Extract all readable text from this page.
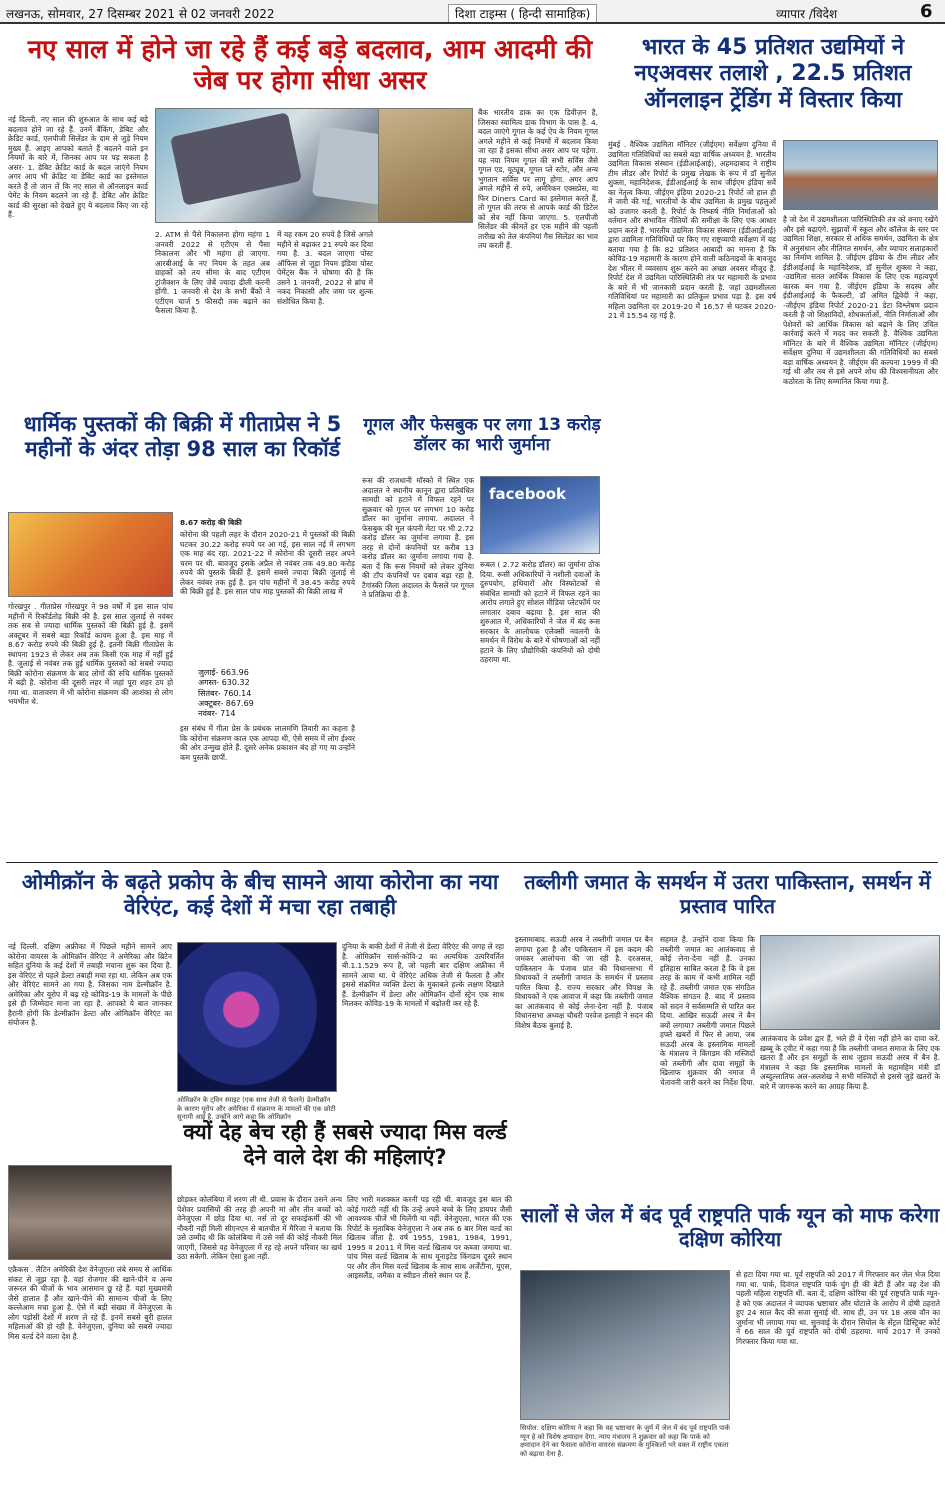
लखनऊ, सोमवार, 27 दिसम्बर 2021 से 02 जनवरी 2022	दिशा टाइम्स ( हिन्दी सामाहिक)	व्यापार /विदेश	6
नए साल में होने जा रहे हैं कई बड़े बदलाव, आम आदमी की जेब पर होगा सीधा असर
नई दिल्ली. नए साल की शुरुआत के साथ कई बड़े बदलाव होने जा रहे हैं. उनमें बैंकिंग, डेबिट और क्रेडिट कार्ड, एलपीजी सिलेंडर के दाम से जुड़े नियम मुख्य हैं. आइए आपको बताते हैं बदलने वाले इन नियमों के बारे में, जिनका आप पर पड़ सकता है असर- 1. डेबिट क्रेडिट कार्ड के बदल जाएंगे नियम अगर आप भी क्रेडिट या डेबिट कार्ड का इस्तेमाल करते हैं तो जान लें कि नए साल से ऑनलाइन कार्ड पेमेंट के नियम बदलने जा रहे हैं. डेबिट और क्रेडिट कार्ड की सुरक्षा को देखते हुए ये बदलाव किए जा रहे हैं.
2. ATM से पैसे निकालना होगा महंगा 1 जनवरी 2022 से एटीएम से पैसा निकालना और भी महंगा हो जाएगा. आरबीआई के नए नियम के तहत अब ग्राहकों को तय सीमा के बाद एटीएम ट्रांजैक्शन के लिए जेबें ज्यादा ढीली करनी होंगी. 1 जनवरी से देश के सभी बैंकों ने एटीएम चार्ज 5 फीसदी तक बढ़ाने का फैसला किया है.
में यह रकम 20 रुपये है जिसे अगले महीने से बढ़ाकर 21 रुपये कर दिया गया है. 3. बदल जाएगा पोस्ट ऑफिस से जुड़ा नियम इंडिया पोस्ट पेमेंट्स बैंक ने घोषणा की है कि उसने 1 जनवरी, 2022 से ब्रांच में नकद निकासी और जमा पर शुल्क संशोधित किया है.
बैंक भारतीय डाक का एक डिवीज़न है, जिसका स्वामित्व डाक विभाग के पास है. 4. बदल जाएंगे गूगल के कई ऐप के नियम गूगल अगले महीने से कई नियमों में बदलाव किया जा रहा है इसका सीधा असर आप पर पड़ेगा. यह नया नियम गूगल की सभी सर्विस जैसे गूगल एड, यूट्यूब, गूगल प्ले स्टोर, और अन्य भुगतान सर्विस पर लागू होगा. अगर आप अगले महीने से रुपे, अमेरिकन एक्सप्रेस, या फिर Diners Card का इस्तेमाल करते हैं, तो गूगल की तरफ से आपके कार्ड की डिटेल को सेव नहीं किया जाएगा. 5. एलपीजी सिलेंडर की कीमतें हर एक महीने की पहली तारीख को तेल कंपनियां गैस सिलेंडर का भाव तय करती हैं.
भारत के 45 प्रतिशत उद्यमियों ने नएअवसर तलाशे , 22.5 प्रतिशत ऑनलाइन ट्रेंडिंग में विस्तार किया
मुंबई . वैश्विक उद्यमिता मॉनिटर (जीईएम) सर्वेक्षण दुनिया में उद्यमिता गतिविधियों का सबसे बड़ा वार्षिक अध्ययन है. भारतीय उद्यमिता विकास संस्थान (ईडीआईआई), अहमदाबाद ने राष्ट्रीय टीम लीडर और रिपोर्ट के प्रमुख लेखक के रूप में डॉ सुनील शुक्ला, महानिदेशक, ईडीआईआई के साथ जीईएम इंडिया सर्वे का नेतृत्व किया. जीईएम इंडिया 2020-21 रिपोर्ट जो हाल ही में जारी की गई, भारतीयों के बीच उद्यमिता के प्रमुख पहलुओं को उजागर करती है. रिपोर्ट के निष्कर्ष नीति निर्माताओं को वर्तमान और संभावित नीतियों की समीक्षा के लिए एक आधार प्रदान करते हैं. भारतीय उद्यमिता विकास संस्थान (ईडीआईआई) द्वारा उद्यमिता गतिविधियों पर किए गए राष्ट्रव्यापी सर्वेक्षण में यह बताया गया है कि 82 प्रतिशत आबादी का मानना है कि कोविड-19 महामारी के कारण होने वाली कठिनाइयों के बावजूद देश भीतर में व्यवसाय शुरू करने का अच्छा अवसर मौजूद है. रिपोर्ट देश में उद्यमिता पारिस्थितिकी तंत्र पर महामारी के प्रभाव के बारे में भी जानकारी प्रदान करती है. जहां उद्यमशीलता गतिविधियां पर महामारी का प्रतिकूल प्रभाव पड़ा है. इस वर्ष महिला उद्यमिता दर 2019-20 में 16.57 से घटकर 2020-21 में 15.54 रह गई है.
है जो देश में उद्यमशीलता पारिस्थितिकी तंत्र को बनाए रखेंगे और इसे बढ़ाएंगे. सुझावों में स्कूल और कॉलेज के स्तर पर उद्यमिता शिक्षा, सरकार से अधिक समर्थन, उद्यमिता के क्षेत्र में अनुसंधान और नीतिगत समर्थन, और व्यापार सलाहकारों का निर्माण शामिल है. जीईएम इंडिया के टीम लीडर और ईडीआईआई के महानिदेशक, डॉ सुनील शुक्ला ने कहा, -उद्यमिता सतत आर्थिक विकास के लिए एक महत्वपूर्ण कारक बन गया है. जीईएम इंडिया के सदस्य और ईडीआईआई के फैकल्टी, डॉ अमित द्विवेदी ने कहा, -जीईएम इंडिया रिपोर्ट 2020-21 डेटा विश्लेषण प्रदान करती है जो शिक्षाविदों, शोधकर्ताओं, नीति निर्माताओं और पेशेवरों को आर्थिक विकास को बढ़ाने के लिए उचित कार्रवाई करने में मदद कर सकती है. वैश्विक उद्यमिता मॉनिटर के बारे में वैश्विक उद्यमिता मॉनिटर (जीईएम) सर्वेक्षण दुनिया में उद्यमशीलता की गतिविधियों का सबसे बड़ा वार्षिक अध्ययन है. जीईएम की कल्पना 1999 में की गई थी और तब से इसे अपने शोध की विश्वसनीयता और कठोरता के लिए सम्मानित किया गया है.
धार्मिक पुस्तकों की बिक्री में गीताप्रेस ने 5 महीनों के अंदर तोड़ा 98 साल का रिकॉर्ड
8.67 करोड़ की बिक्री
गोरखपुर . गीताप्रेस गोरखपुर ने 98 वर्षों में इस साल पांच महीनों में रिकॉर्डतोड़ बिक्री की है. इस साल जुलाई से नवंबर तक सब से ज्यादा धार्मिक पुस्तकों की बिक्री हुई है. इसमें अक्टूबर में सबसे बड़ा रिकॉर्ड कायम हुआ है. इस माह में 8.67 करोड़ रुपये की बिक्री हुई है. इतनी बिक्री गीताप्रेस के स्थापना 1923 से लेकर अब तक किसी एक माह में नहीं हुई है. जुलाई से नवंबर तक हुई धार्मिक पुस्तकों को सबसे ज्यादा बिक्री कोरोना संक्रमण के बाद लोगों की रुचि धार्मिक पुस्तकों में बढ़ी है. कोरोना की दूसरी लहर में जहां पूरा शहर ठप हो गया था. वातावरण में भी कोरोना संक्रमण की आशंका से लोग भयभीत थे.
कोरोना की पहली लहर के दौरान 2020-21 में पुस्तकों की बिक्री घटकर 30.22 करोड़ रुपये पर आ गई, इस साल नई में लगभग एक माह बंद रहा. 2021-22 में कोरोना की दूसरी लहर अपने चरम पर थी. बावजूद इसके अप्रैल से नवंबर तक 49.80 करोड़ रुपये की पुस्तकें बिकीं हैं. इसमें सबसे ज्यादा बिक्री जुलाई से लेकर नवंबर तक हुई है. इन पांच महीनों में 38.45 करोड़ रुपये की बिक्री हुई है. इस साल पांच माह पुस्तकों की बिक्री लाख में
जुलाई- 663.96
अगस्त- 630.32
सितंबर- 760.14
अक्टूबर- 867.69
नवंबर- 714
इस संबंध में गीता प्रेस के प्रबंधक लालमणि तिवारी का कहना है कि कोरोना संक्रमण काल एक आपदा थी, ऐसे समय में लोग ईश्वर की ओर उन्मुख होते हैं. दूसरे अनेक प्रकाशन बंद हो गए या उन्होंने कम पुस्तकें छापीं.
गूगल और फेसबुक पर लगा 13 करोड़ डॉलर का भारी जुर्माना
रूस की राजधानी मॉस्को में स्थित एक अदालत ने स्थानीय कानून द्वारा प्रतिबंधित सामग्री को हटाने में विफल रहने पर सुक्रवार को गूगल पर लगभग 10 करोड़ डॉलर का जुर्माना लगाया. अदालत ने फेसबुक की मूल कंपनी मेटा पर भी 2.72 करोड़ डॉलर का जुर्माना लगाया है. इस तरह से दोनों कंपनियों पर करीब 13 करोड़ डॉलर का जुर्माना लगाया गया है. बता दें कि रूस नियमों को लेकर दुनिया की टॉप कंपनियों पर दबाव बढ़ा रहा है. टैगांस्की जिला अदालत के फैसले पर गूगल ने प्रतिक्रिया दी है.
facebook
रूबल ( 2.72 करोड़ डॉलर) का जुर्माना ठोक दिया. रूसी अधिकारियों ने नशीली दवाओं के दुरुपयोग, हथियारों और विस्फोटकों से संबंधित सामग्री को हटाने में विफल रहने का आरोप लगाते हुए सोशल मीडिया प्लेटफॉर्म पर लगातार दबाव बढ़ाया है. इस साल की शुरुआत में, अधिकारियों ने जेल में बंद रूस सरकार के आलोचक एलेक्सी नवलनी के समर्थन में विरोध के बारे में घोषणाओं को नहीं हटाने के लिए प्रौद्योगिकी कंपनियों को दोषी ठहराया था.
ओमीक्रॉन के बढ़ते प्रकोप के बीच सामने आया कोरोना का नया वेरिएंट, कई देशों में मचा रहा तबाही
नई दिल्ली. दक्षिण अफ्रीका में पिछले महीने सामने आए कोरोना वायरस के ओमिक्रॉन वेरिएंट ने अमेरिका और ब्रिटेन सहित दुनिया के कई देशों में तबाही मचाना शुरू कर दिया है. इस वेरिएंट से पहले डेल्टा तबाही मचा रहा था. लेकिन अब एक और वेरिएंट सामने आ गया है. जिसका नाम डेल्मीक्रॉन है. अमेरिका और यूरोप में बढ़ रहे कोविड-19 के मामलों के पीछे इसे ही जिम्मेदार माना जा रहा है. आपको ये बात जानकर हैरानी होगी कि डेल्मीक्रॉन डेल्टा और ओमिक्रॉन वेरिएंट का संयोजन है.
ओमिक्रॉन के ट्विन स्पाइट (एक साथ तेजी से फैलने) डेल्मीक्रॉन के कारण यूरोप और अमेरिका में संक्रमण के मामलों की एक छोटी सुनामी आई है. उन्होंने आगे कहा कि ओमिक्रॉन
दुनिया के बाकी देशों में तेजी से डेल्टा वेरिएंट की जगह ले रहा है. ओमिक्रॉन सार्स-कोवि-2 का अत्यधिक उत्परिवर्तित बी.1.1.529 रूप है, जो पहली बार दक्षिण अफ्रीका में सामने आया था. ये वेरिएंट अधिक तेजी से फैलता है और इससे संक्रमित व्यक्ति डेल्टा के मुकाबले हल्के लक्षण दिखाते हैं. डेल्मीक्रॉन में डेल्टा और ओमिक्रॉन दोनों स्ट्रेन एक साथ मिलकर कोविड-19 के मामलों में बढ़ोतरी कर रहे हैं.
तब्लीगी जमात के समर्थन में उतरा पाकिस्तान, समर्थन में प्रस्ताव पारित
इस्लामाबाद. सऊदी अरब ने तब्लीगी जमात पर बैन लगाया हुआ है और पाकिस्तान में इस कदम की जमकर आलोचना की जा रही है. दरअसल, पाकिस्तान के पंजाब प्रांत की विधानसभा में विधायकों ने तब्लीगी जमात के समर्थन में प्रस्ताव पारित किया है. राज्य सरकार और विपक्ष के विधायकों ने एक आवाज में कहा कि तब्लीगी जमात का आतंकवाद से कोई लेना-देना नहीं है. पंजाब विधानसभा अध्यक्ष चौधरी परवेज इलाही ने सदन की विशेष बैठक बुलाई है.
सहमत है. उन्होंने दावा किया कि तब्लीगी जमात का आतंकवाद से कोई लेना-देना नहीं है. उनका इतिहास साबित करता है कि वे इस तरह के काम में कभी शामिल नहीं रहे हैं. तब्लीगी जमात एक संगठित वैश्विक संगठन है. बाद में प्रस्ताव को सदन ने सर्वसम्मति से पारित कर दिया. आखिर सऊदी अरब ने बैन क्यों लगाया? तब्लीगी जमात पिछले हफ्ते खबरों में फिर से आया, जब सऊदी अरब के इस्लामिक मामलों के मंत्रालय ने किंगडम की मस्जिदों को तब्लीगी और दावा समूहों के खिलाफ शुक्रवार की नमाज में चेतावनी जारी करने का निर्देश दिया.
आतंकवाद के प्रवेश द्वार हैं, भले ही वे ऐसा नहीं होने का दावा करें. ख़ब्बू के ट्वीट में कहा गया है कि तब्लीगी जमात समाज के लिए एक खतरा हैं और इन समूहों के साथ जुड़ाव सऊदी अरब में बैन है. मंत्रालय ने कहा कि इस्लामिक मामलों के महामहिम मंत्री डॉ अब्दुल्लातिफ अल-अलशेख ने सभी मस्जिदों से इससे जुड़े खतरों के बारे में जागरूक करने का आग्रह किया है.
क्यों देह बेच रही हैं सबसे ज्यादा मिस वर्ल्ड देने वाले देश की महिलाएं?
एक्रैकस . लैटिन अमेरिकी देश वेनेजुएला लंबे समय से आर्थिक संकट से जूझ रहा है. यहां रोजगार की खाने-पीने व अन्य जरूरत की चीजों के भाव आसमान छू रहे हैं. यहां मुख्यमंत्री जैसे हालात हैं और खाने-पीने की सामान्य चीजों के लिए कल्लेआम मचा हुआ है. ऐसे में बड़ी संख्या में वेनेजुएला के लोग पड़ोसी देशों में शरण ले रहे हैं. इनमें सबसे बुरी हालत महिलाओं की हो रही है. वेनेजुएला, दुनिया को सबसे ज्यादा मिस वर्ल्ड देने वाला देश है.
छोड़कर कोलंबिया में शरण ली थी. प्रवास के दौरान उसने अन्य पेशेवर प्रवासियों की तरह ही अपनी मां और तीन बच्चों को वेनेजुएला में छोड़ दिया था. नर्स तो दूर सफाईकर्मी की भी नौकरी नहीं मिली सीएनएन से बातचीत में मैरिजा ने बताया कि उसे उम्मीद थी कि कोलंबिया में उसे नर्स की कोई नौकरी मिल जाएगी, जिससे वह वेनेजुएला में रह रहे अपने परिवार का खर्च उठा सकेगी. लेकिन ऐसा हुआ नहीं.
लिए भारी मशक्कत करनी पड़ रही थी. बावजूद इस बात की कोई गारंटी नहीं थी कि उन्हें अपने बच्चे के लिए डायपर जैसी आवश्यक चीजें भी मिलेंगी या नहीं. वेनेजुएला, भारत की एक रिपोर्ट के मुताबिक वेनेजुएला ने अब तक 6 बार मिस वर्ल्ड का खिताब जीता है. वर्ष 1955, 1981, 1984, 1991, 1995 व 2011 में मिस वर्ल्ड खिताब पर कब्जा जमाया था. पांच मिस वर्ल्ड खिताब के साथ यूनाइटेड किंगडम दूसरे स्थान पर और तीन मिस वर्ल्ड खिताब के साथ साथ अर्जेंटीना, यूएस, आइसलैंड, जमैका व स्वीडन तीसरे स्थान पर हैं.
सालों से जेल में बंद पूर्व राष्ट्रपति पार्क ग्यून को माफ करेगा दक्षिण कोरिया
सियोल. दक्षिण कोरिया ने कहा कि वह भ्रष्टाचार के जुर्म में जेल में बंद पूर्व राष्ट्रपति पार्क ग्यून हे को विशेष क्षमादान देगा. न्याय मंत्रालय ने शुक्रवार को कहा कि पार्क को क्षमादान देने का फैसला कोरोना वायरस संक्रमण के मुश्किलों भरे वक्त में राष्ट्रीय एकता को बढ़ावा देना है.
से हटा दिया गया था. पूर्व राष्ट्रपति को 2017 में गिरफ्तार कर जेल भेज दिया गया था. पार्क, दिवंगत राष्ट्रपति पार्क चुंग ही की बेटी हैं और वह देश की पहली महिला राष्ट्रपति थीं. बता दें, दक्षिण कोरिया की पूर्व राष्ट्रपति पार्क ग्यून-हे को एक अदालत ने व्यापक भ्रष्टाचार और घोटाले के आरोप में दोषी ठहराते हुए 24 साल कैद की सजा सुनाई थी. साथ ही, उन पर 18 अरब वॉन का जुर्माना भी लगाया गया था. सुनवाई के दौरान सियोल के सेंट्रल डिस्ट्रिक्ट कोर्ट ने 66 साल की पूर्व राष्ट्रपति को दोषी ठहराया. मार्च 2017 में उनको गिरफ्तार किया गया था.
